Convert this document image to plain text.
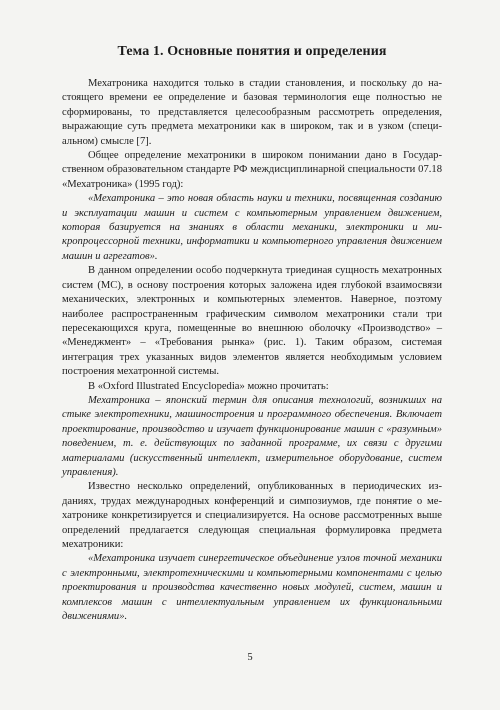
Тема 1. Основные понятия и определения

Мехатроника находится только в стадии становления, и поскольку до настоящего времени ее определение и базовая терминология еще полностью не сформированы, то представляется целесообразным рассмотреть определения, выражающие суть предмета мехатроники как в широком, так и в узком (специальном) смысле [7].

Общее определение мехатроники в широком понимании дано в Государственном образовательном стандарте РФ междисциплинарной специальности 07.18 «Мехатроника» (1995 год):

«Мехатроника – это новая область науки и техники, посвященная созданию и эксплуатации машин и систем с компьютерным управлением движением, которая базируется на знаниях в области механики, электроники и микропроцессорной техники, информатики и компьютерного управления движением машин и агрегатов».

В данном определении особо подчеркнута триединая сущность мехатронных систем (МС), в основу построения которых заложена идея глубокой взаимосвязи механических, электронных и компьютерных элементов. Наверное, поэтому наиболее распространенным графическим символом мехатроники стали три пересекающихся круга, помещенные во внешнюю оболочку «Производство» – «Менеджмент» – «Требования рынка» (рис. 1). Таким образом, системая интеграция трех указанных видов элементов является необходимым условием построения мехатронной системы.

В «Oxford Illustrated Encyclopedia» можно прочитать:

Мехатроника – японский термин для описания технологий, возникших на стыке электротехники, машиностроения и программного обеспечения. Включает проектирование, производство и изучает функционирование машин с «разумным» поведением, т. е. действующих по заданной программе, их связи с другими материалами (искусственный интеллект, измерительное оборудование, систем управления).

Известно несколько определений, опубликованных в периодических изданиях, трудах международных конференций и симпозиумов, где понятие о мехатронике конкретизируется и специализируется. На основе рассмотренных выше определений предлагается следующая специальная формулировка предмета мехатроники:

«Мехатроника изучает синергетическое объединение узлов точной механики с электронными, электротехническими и компьютерными компонентами с целью проектирования и производства качественно новых модулей, систем, машин и комплексов машин с интеллектуальным управлением их функциональными движениями».

5
